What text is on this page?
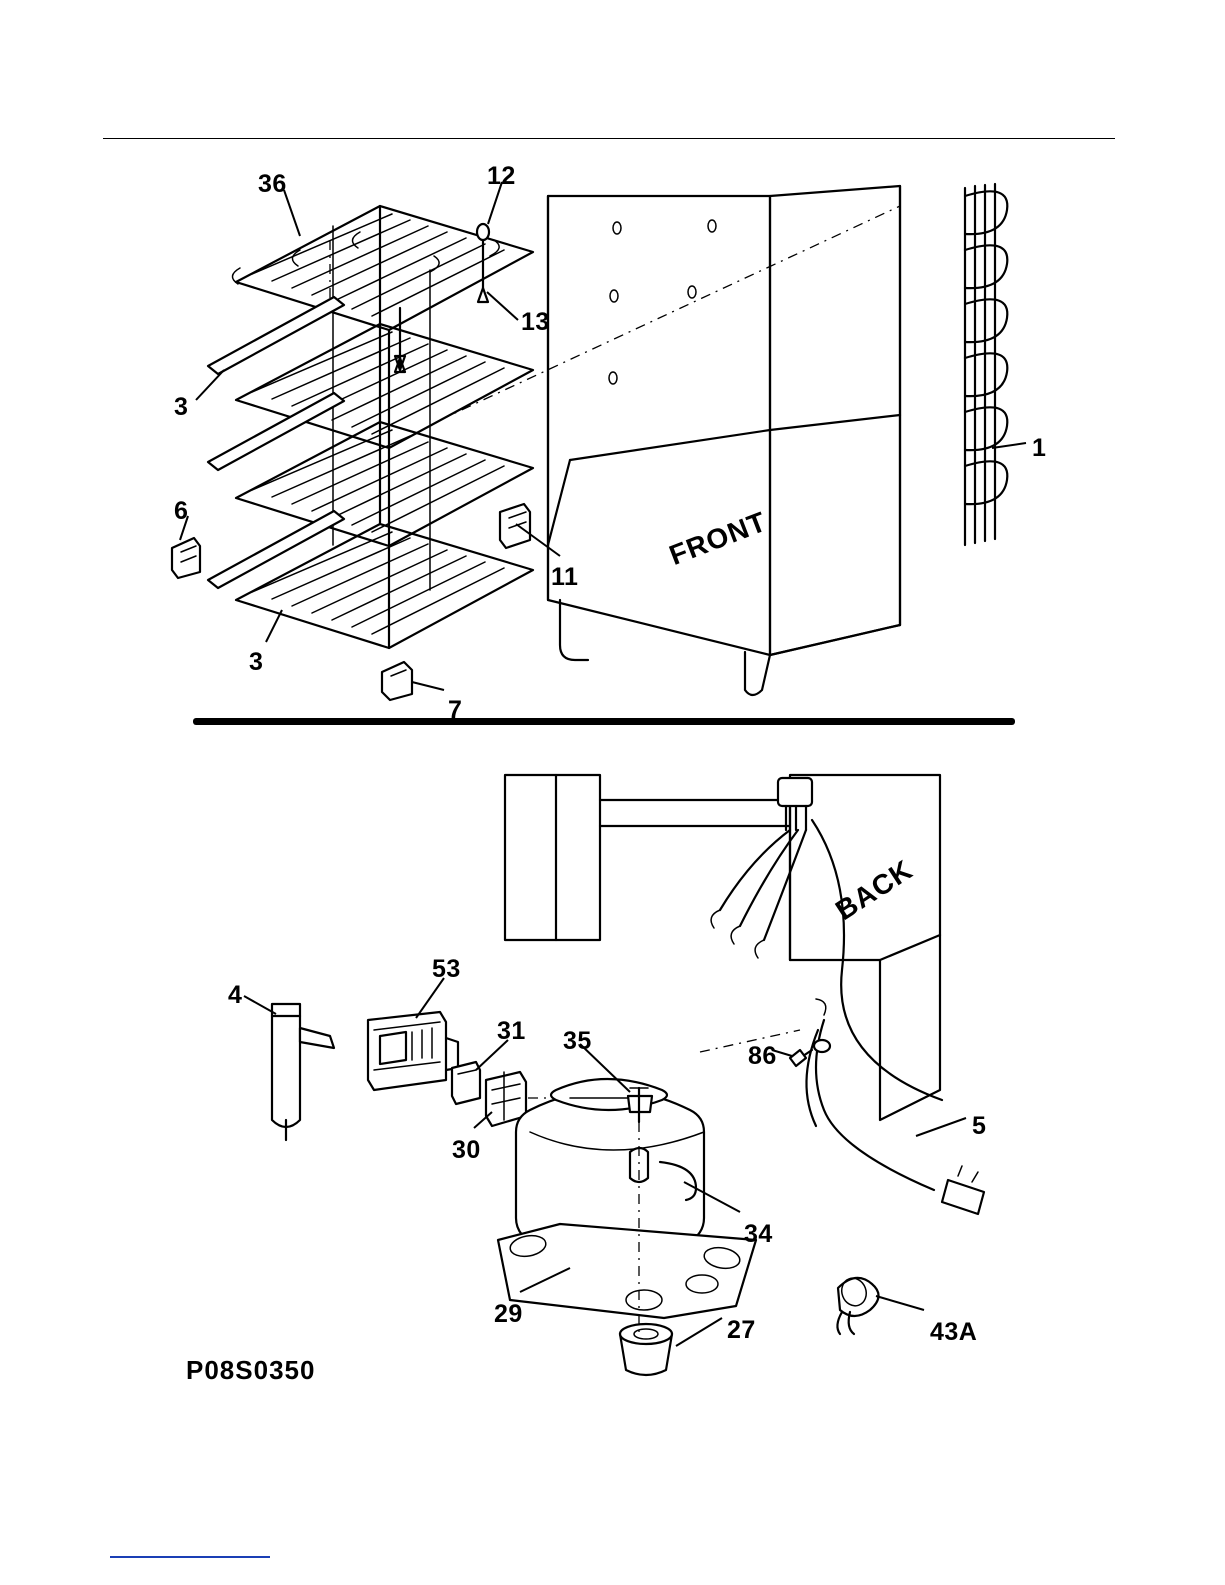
FRONT
BACK
36	12
13
1
3
6
11
3
7
4
53
31 35
30
86
5
34
29
27	43A
P08S0350
